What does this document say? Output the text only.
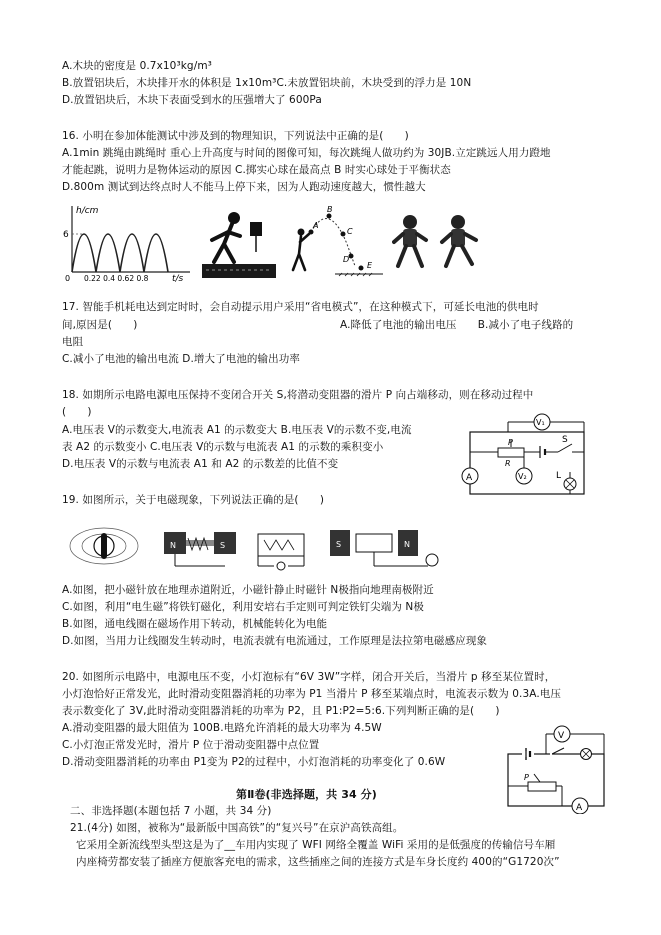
A.木块的密度是 0.7x10³kg/m³
B.放置铝块后，木块排开水的体积是 1x10m³C.未放置铝块前，木块受到的浮力是 10N
D.放置铝块后，木块下表面受到水的压强增大了 600Pa
16. 小明在参加体能测试中涉及到的物理知识，下列说法中正确的是(　　)
A.1min 跳绳由跳绳时 重心上升高度与时间的图像可知，每次跳绳人做功约为 30JB.立定跳远人用力蹬地
才能起跳，说明力是物体运动的原因 C.掷实心球在最高点 B 时实心球处于平衡状态
D.800m 测试到达终点时人不能马上停下来，因为人跑动速度越大，惯性越大
h/cm
6
0 0.22 0.4 0.62 0.8	t/s
A
B
C
D
E
17. 智能手机耗电达到定时时，会自动提示用户采用“省电模式”，在这种模式下，可延长电池的供电时
间,原因是(　　)	A.降低了电池的输出电压　　B.减小了电子线路的
电阻
C.减小了电池的输出电流 D.增大了电池的输出功率
18. 如期所示电路电源电压保持不变闭合开关 S,将潜动变阻器的滑片 P 向占端移动，则在移动过程中
(　　)
A.电压表 V的示数变大,电流表 A1 的示数变大 B.电压表 V的示数不变,电流
表 A2 的示数变小 C.电压表 V的示数与电流表 A1 的示数的乘积变小
D.电压表 V的示数与电流表 A1 和 A2 的示数差的比值不变
V₁
P
R
S
A	V₂	L
19. 如图所示，关于电磁现象，下列说法正确的是(　　)
N	S	S	N
A.如图，把小磁针放在地理赤道附近，小磁针静止时磁针 N极指向地理南极附近
C.如图，利用“电生磁”将铁钉磁化，利用安培右手定则可判定铁钉尖端为 N极
B.如图，通电线圈在磁场作用下转动，机械能转化为电能
D.如图，当用力让线圈发生转动时，电流表就有电流通过，工作原理是法拉第电磁感应现象
20. 如图所示电路中，电源电压不变，小灯泡标有“6V 3W”字样，闭合开关后，当滑片 p 移至某位置时，
小灯泡恰好正常发光，此时滑动变阻器消耗的功率为 P1 当滑片 P 移至某端点时，电流表示数为 0.3A.电压
表示数变化了 3V,此时滑动变阻器消耗的功率为 P2，且 P1:P2=5:6.下列判断正确的是(　　)
A.滑动变阻器的最大阻值为 100B.电路允许消耗的最大功率为 4.5W
C.小灯泡正常发光时，滑片 P 位于滑动变阻器中点位置
D.滑动变阻器消耗的功率由 P1变为 P2的过程中，小灯泡消耗的功率变化了 0.6W
V
P
A
第Ⅱ卷(非选择题，共 34 分)
二、非选择题(本题包括 7 小题，共 34 分)
21.(4分) 如图，被称为“最新版中国高铁”的“复兴号”在京沪高铁高组。
它采用全新流线型头型这是为了__车用内实现了 WFI 网络全覆盖 WiFi 采用的是低强度的传输信号车厢
内座椅劳都安装了插座方便旅客充电的需求，这些插座之间的连接方式是车身长度约 400的“G1720次”
